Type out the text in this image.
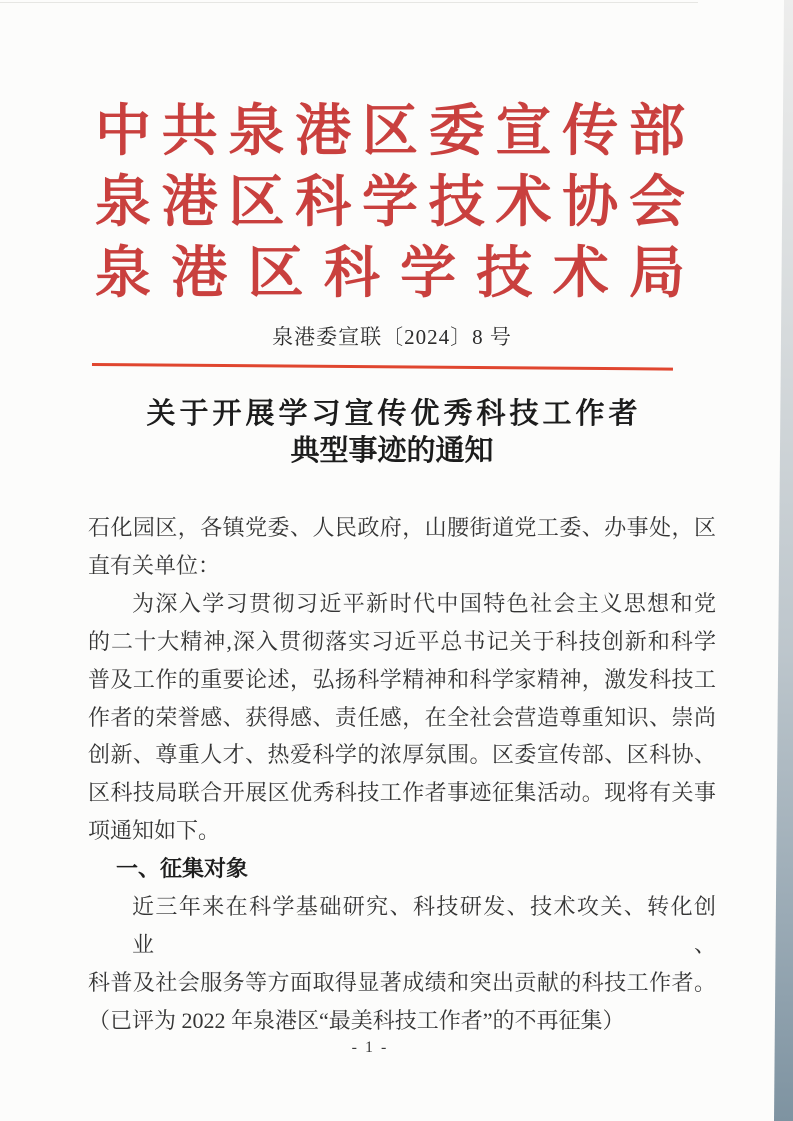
中共泉港区委宣传部
泉港区科学技术协会
泉港区科学技术局
泉港委宣联〔2024〕8 号
关于开展学习宣传优秀科技工作者
典型事迹的通知
石化园区，各镇党委、人民政府，山腰街道党工委、办事处，区
直有关单位：
为深入学习贯彻习近平新时代中国特色社会主义思想和党
的二十大精神,深入贯彻落实习近平总书记关于科技创新和科学
普及工作的重要论述，弘扬科学精神和科学家精神，激发科技工
作者的荣誉感、获得感、责任感，在全社会营造尊重知识、崇尚
创新、尊重人才、热爱科学的浓厚氛围。区委宣传部、区科协、
区科技局联合开展区优秀科技工作者事迹征集活动。现将有关事
项通知如下。
一、征集对象
近三年来在科学基础研究、科技研发、技术攻关、转化创业、
科普及社会服务等方面取得显著成绩和突出贡献的科技工作者。
（已评为 2022 年泉港区“最美科技工作者”的不再征集）
- 1 -
